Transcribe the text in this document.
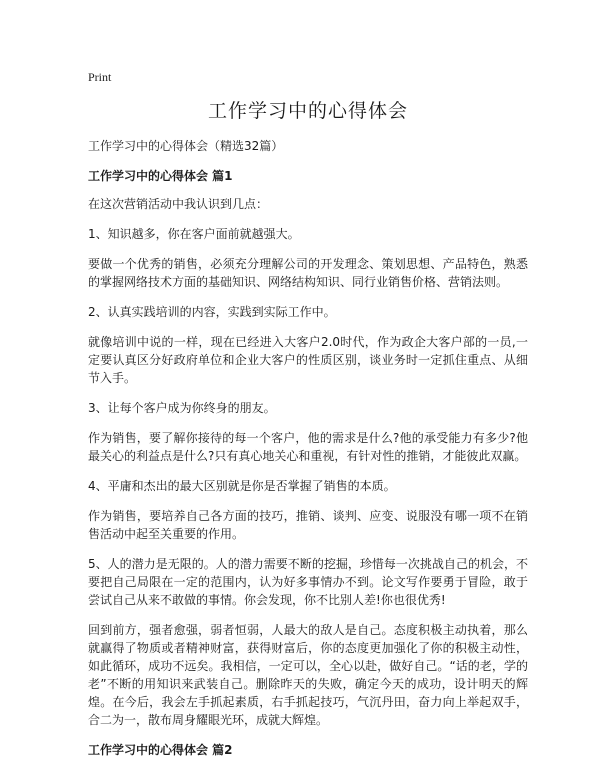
Print
工作学习中的心得体会

工作学习中的心得体会（精选32篇）

工作学习中的心得体会 篇1

在这次营销活动中我认识到几点：

1、知识越多，你在客户面前就越强大。

要做一个优秀的销售，必须充分理解公司的开发理念、策划思想、产品特色，熟悉的掌握网络技术方面的基础知识、网络结构知识、同行业销售价格、营销法则。

2、认真实践培训的内容，实践到实际工作中。

就像培训中说的一样，现在已经进入大客户2.0时代，作为政企大客户部的一员,一定要认真区分好政府单位和企业大客户的性质区别，谈业务时一定抓住重点、从细节入手。

3、让每个客户成为你终身的朋友。

作为销售，要了解你接待的每一个客户，他的需求是什么?他的承受能力有多少?他最关心的利益点是什么?只有真心地关心和重视，有针对性的推销，才能彼此双赢。

4、平庸和杰出的最大区别就是你是否掌握了销售的本质。

作为销售，要培养自己各方面的技巧，推销、谈判、应变、说服没有哪一项不在销售活动中起至关重要的作用。

5、人的潜力是无限的。人的潜力需要不断的挖掘，珍惜每一次挑战自己的机会，不要把自己局限在一定的范围内，认为好多事情办不到。论文写作要勇于冒险，敢于尝试自己从来不敢做的事情。你会发现，你不比别人差!你也很优秀!

回到前方，强者愈强，弱者恒弱，人最大的敌人是自己。态度积极主动执着，那么就赢得了物质或者精神财富，获得财富后，你的态度更加强化了你的积极主动性，如此循环，成功不远矣。我相信，一定可以，全心以赴，做好自己。“话的老，学的老”不断的用知识来武装自己。删除昨天的失败，确定今天的成功，设计明天的辉煌。在今后，我会左手抓起素质，右手抓起技巧，气沉丹田，奋力向上举起双手，合二为一，散布周身耀眼光环，成就大辉煌。

工作学习中的心得体会 篇2
